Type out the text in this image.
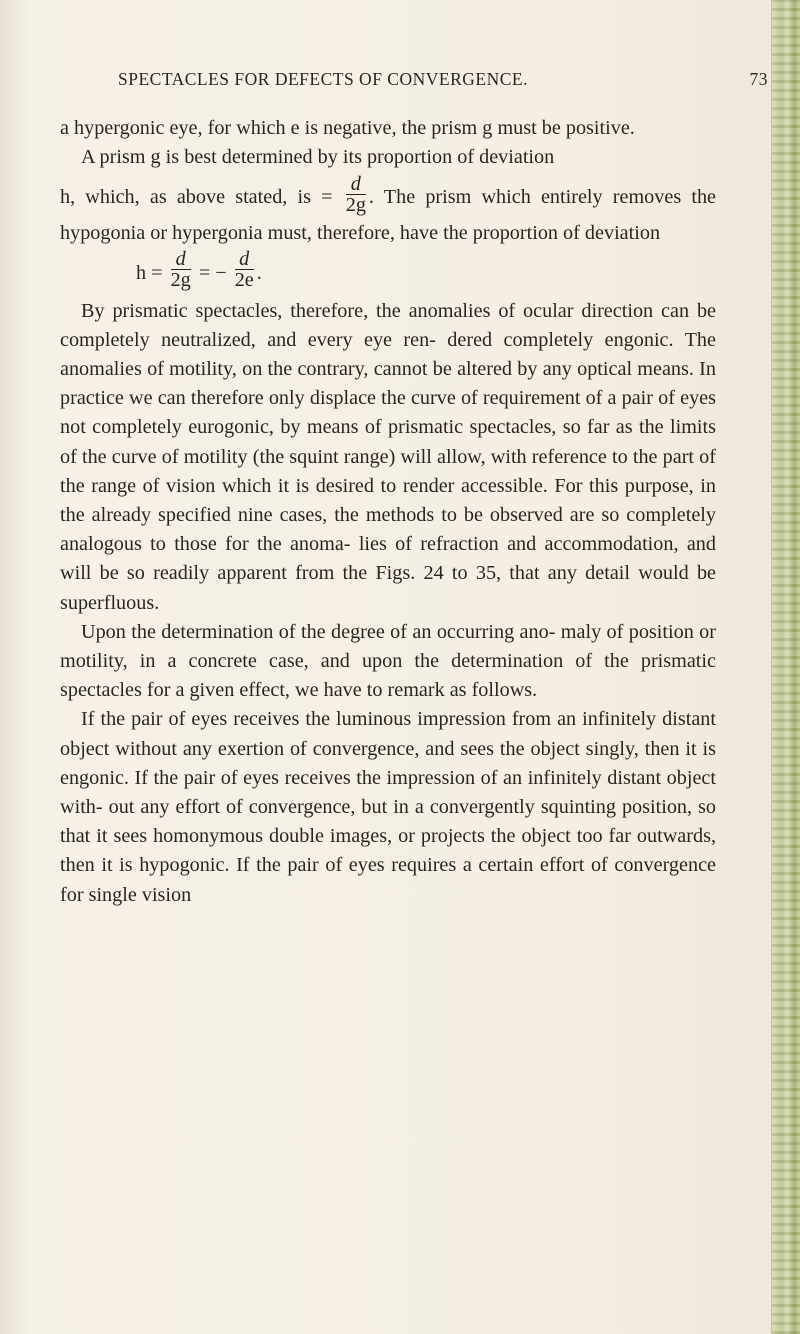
SPECTACLES FOR DEFECTS OF CONVERGENCE.	73

a hypergonic eye, for which e is negative, the prism g must be positive.

A prism g is best determined by its proportion of deviation

h, which, as above stated, is = $\frac{d}{2g}$ . The prism which entirely removes the hypogonia or hypergonia must, therefore, have the proportion of deviation

$h = \frac{d}{2g}$ = − $\frac{d}{2e}$ .

By prismatic spectacles, therefore, the anomalies of ocular direction can be completely neutralized, and every eye ren- dered completely engonic. The anomalies of motility, on the contrary, cannot be altered by any optical means. In practice we can therefore only displace the curve of requirement of a pair of eyes not completely eurogonic, by means of prismatic spectacles, so far as the limits of the curve of motility (the squint range) will allow, with reference to the part of the range of vision which it is desired to render accessible. For this purpose, in the already specified nine cases, the methods to be observed are so completely analogous to those for the anoma- lies of refraction and accommodation, and will be so readily apparent from the Figs. 24 to 35, that any detail would be superfluous.

Upon the determination of the degree of an occurring ano- maly of position or motility, in a concrete case, and upon the determination of the prismatic spectacles for a given effect, we have to remark as follows.

If the pair of eyes receives the luminous impression from an infinitely distant object without any exertion of convergence, and sees the object singly, then it is engonic. If the pair of eyes receives the impression of an infinitely distant object with- out any effort of convergence, but in a convergently squinting position, so that it sees homonymous double images, or projects the object too far outwards, then it is hypogonic. If the pair of eyes requires a certain effort of convergence for single vision
